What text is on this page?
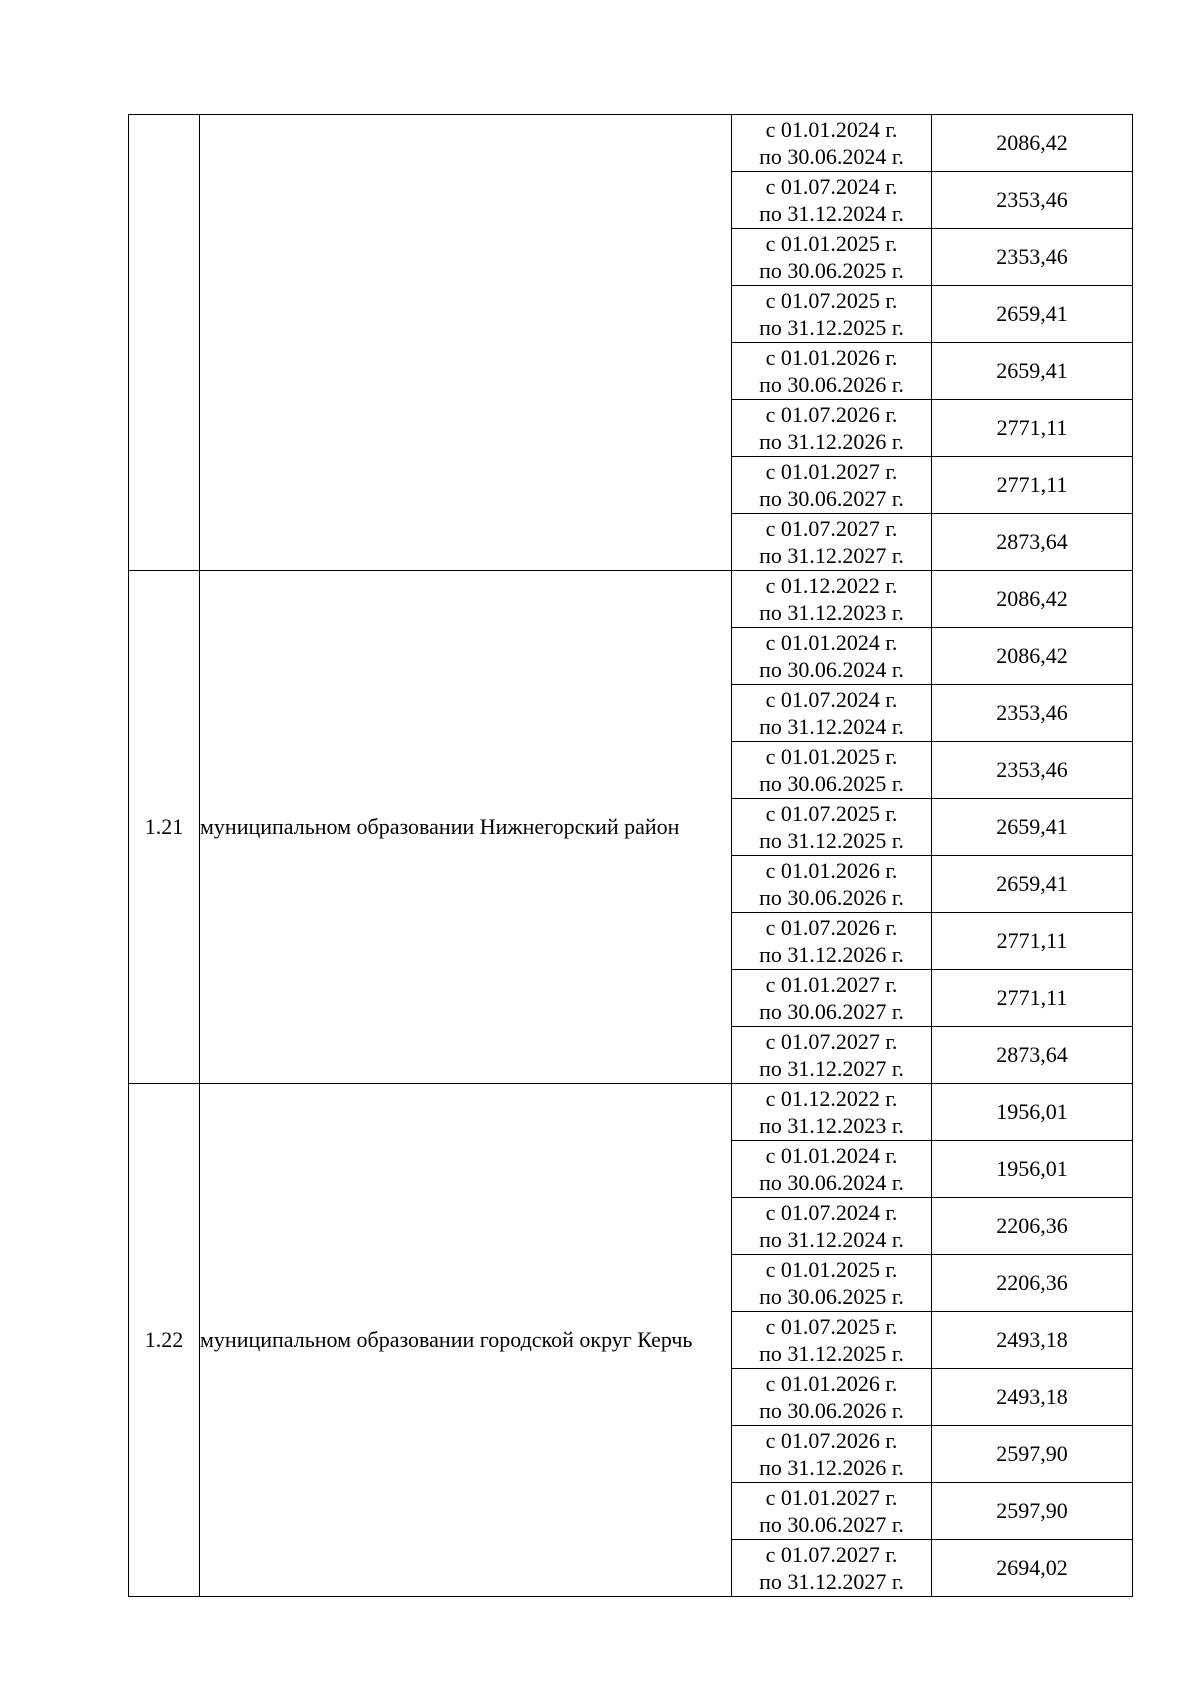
		с 01.01.2024 г.
по 30.06.2024 г.	2086,42

		с 01.07.2024 г.
по 31.12.2024 г.	2353,46

		с 01.01.2025 г.
по 30.06.2025 г.	2353,46

		с 01.07.2025 г.
по 31.12.2025 г.	2659,41

		с 01.01.2026 г.
по 30.06.2026 г.	2659,41

		с 01.07.2026 г.
по 31.12.2026 г.	2771,11

		с 01.01.2027 г.
по 30.06.2027 г.	2771,11

		с 01.07.2027 г.
по 31.12.2027 г.	2873,64
1.21	муниципальном образовании Нижнегорский район	с 01.12.2022 г.
по 31.12.2023 г.	2086,42

		с 01.01.2024 г.
по 30.06.2024 г.	2086,42

		с 01.07.2024 г.
по 31.12.2024 г.	2353,46

		с 01.01.2025 г.
по 30.06.2025 г.	2353,46

		с 01.07.2025 г.
по 31.12.2025 г.	2659,41

		с 01.01.2026 г.
по 30.06.2026 г.	2659,41

		с 01.07.2026 г.
по 31.12.2026 г.	2771,11

		с 01.01.2027 г.
по 30.06.2027 г.	2771,11

		с 01.07.2027 г.
по 31.12.2027 г.	2873,64
1.22	муниципальном образовании городской округ Керчь	с 01.12.2022 г.
по 31.12.2023 г.	1956,01

		с 01.01.2024 г.
по 30.06.2024 г.	1956,01

		с 01.07.2024 г.
по 31.12.2024 г.	2206,36

		с 01.01.2025 г.
по 30.06.2025 г.	2206,36

		с 01.07.2025 г.
по 31.12.2025 г.	2493,18

		с 01.01.2026 г.
по 30.06.2026 г.	2493,18

		с 01.07.2026 г.
по 31.12.2026 г.	2597,90

		с 01.01.2027 г.
по 30.06.2027 г.	2597,90

		с 01.07.2027 г.
по 31.12.2027 г.	2694,02
